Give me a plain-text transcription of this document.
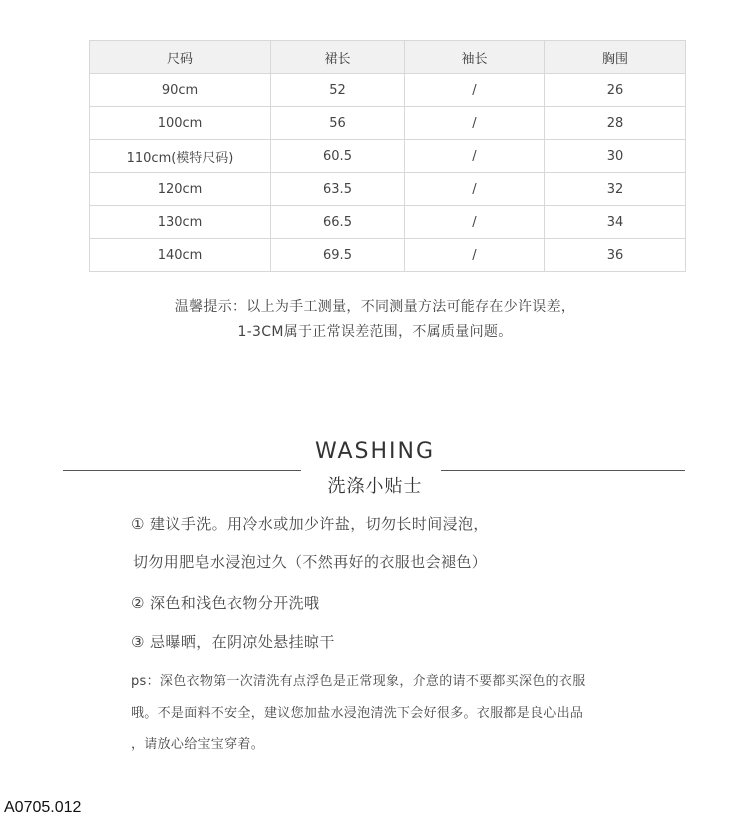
尺码	裙长	袖长	胸围
90cm	52	/	26
100cm	56	/	28
110cm(模特尺码)	60.5	/	30
120cm	63.5	/	32
130cm	66.5	/	34
140cm	69.5	/	36
温馨提示：以上为手工测量，不同测量方法可能存在少许误差，
1-3CM属于正常误差范围，不属质量问题。
WASHING
洗涤小贴士
① 建议手洗。用冷水或加少许盐，切勿长时间浸泡，
切勿用肥皂水浸泡过久（不然再好的衣服也会褪色）
② 深色和浅色衣物分开洗哦
③ 忌曝晒，在阴凉处悬挂晾干
ps：深色衣物第一次清洗有点浮色是正常现象，介意的请不要都买深色的衣服
哦。不是面料不安全，建议您加盐水浸泡清洗下会好很多。衣服都是良心出品
，请放心给宝宝穿着。
A0705.012
